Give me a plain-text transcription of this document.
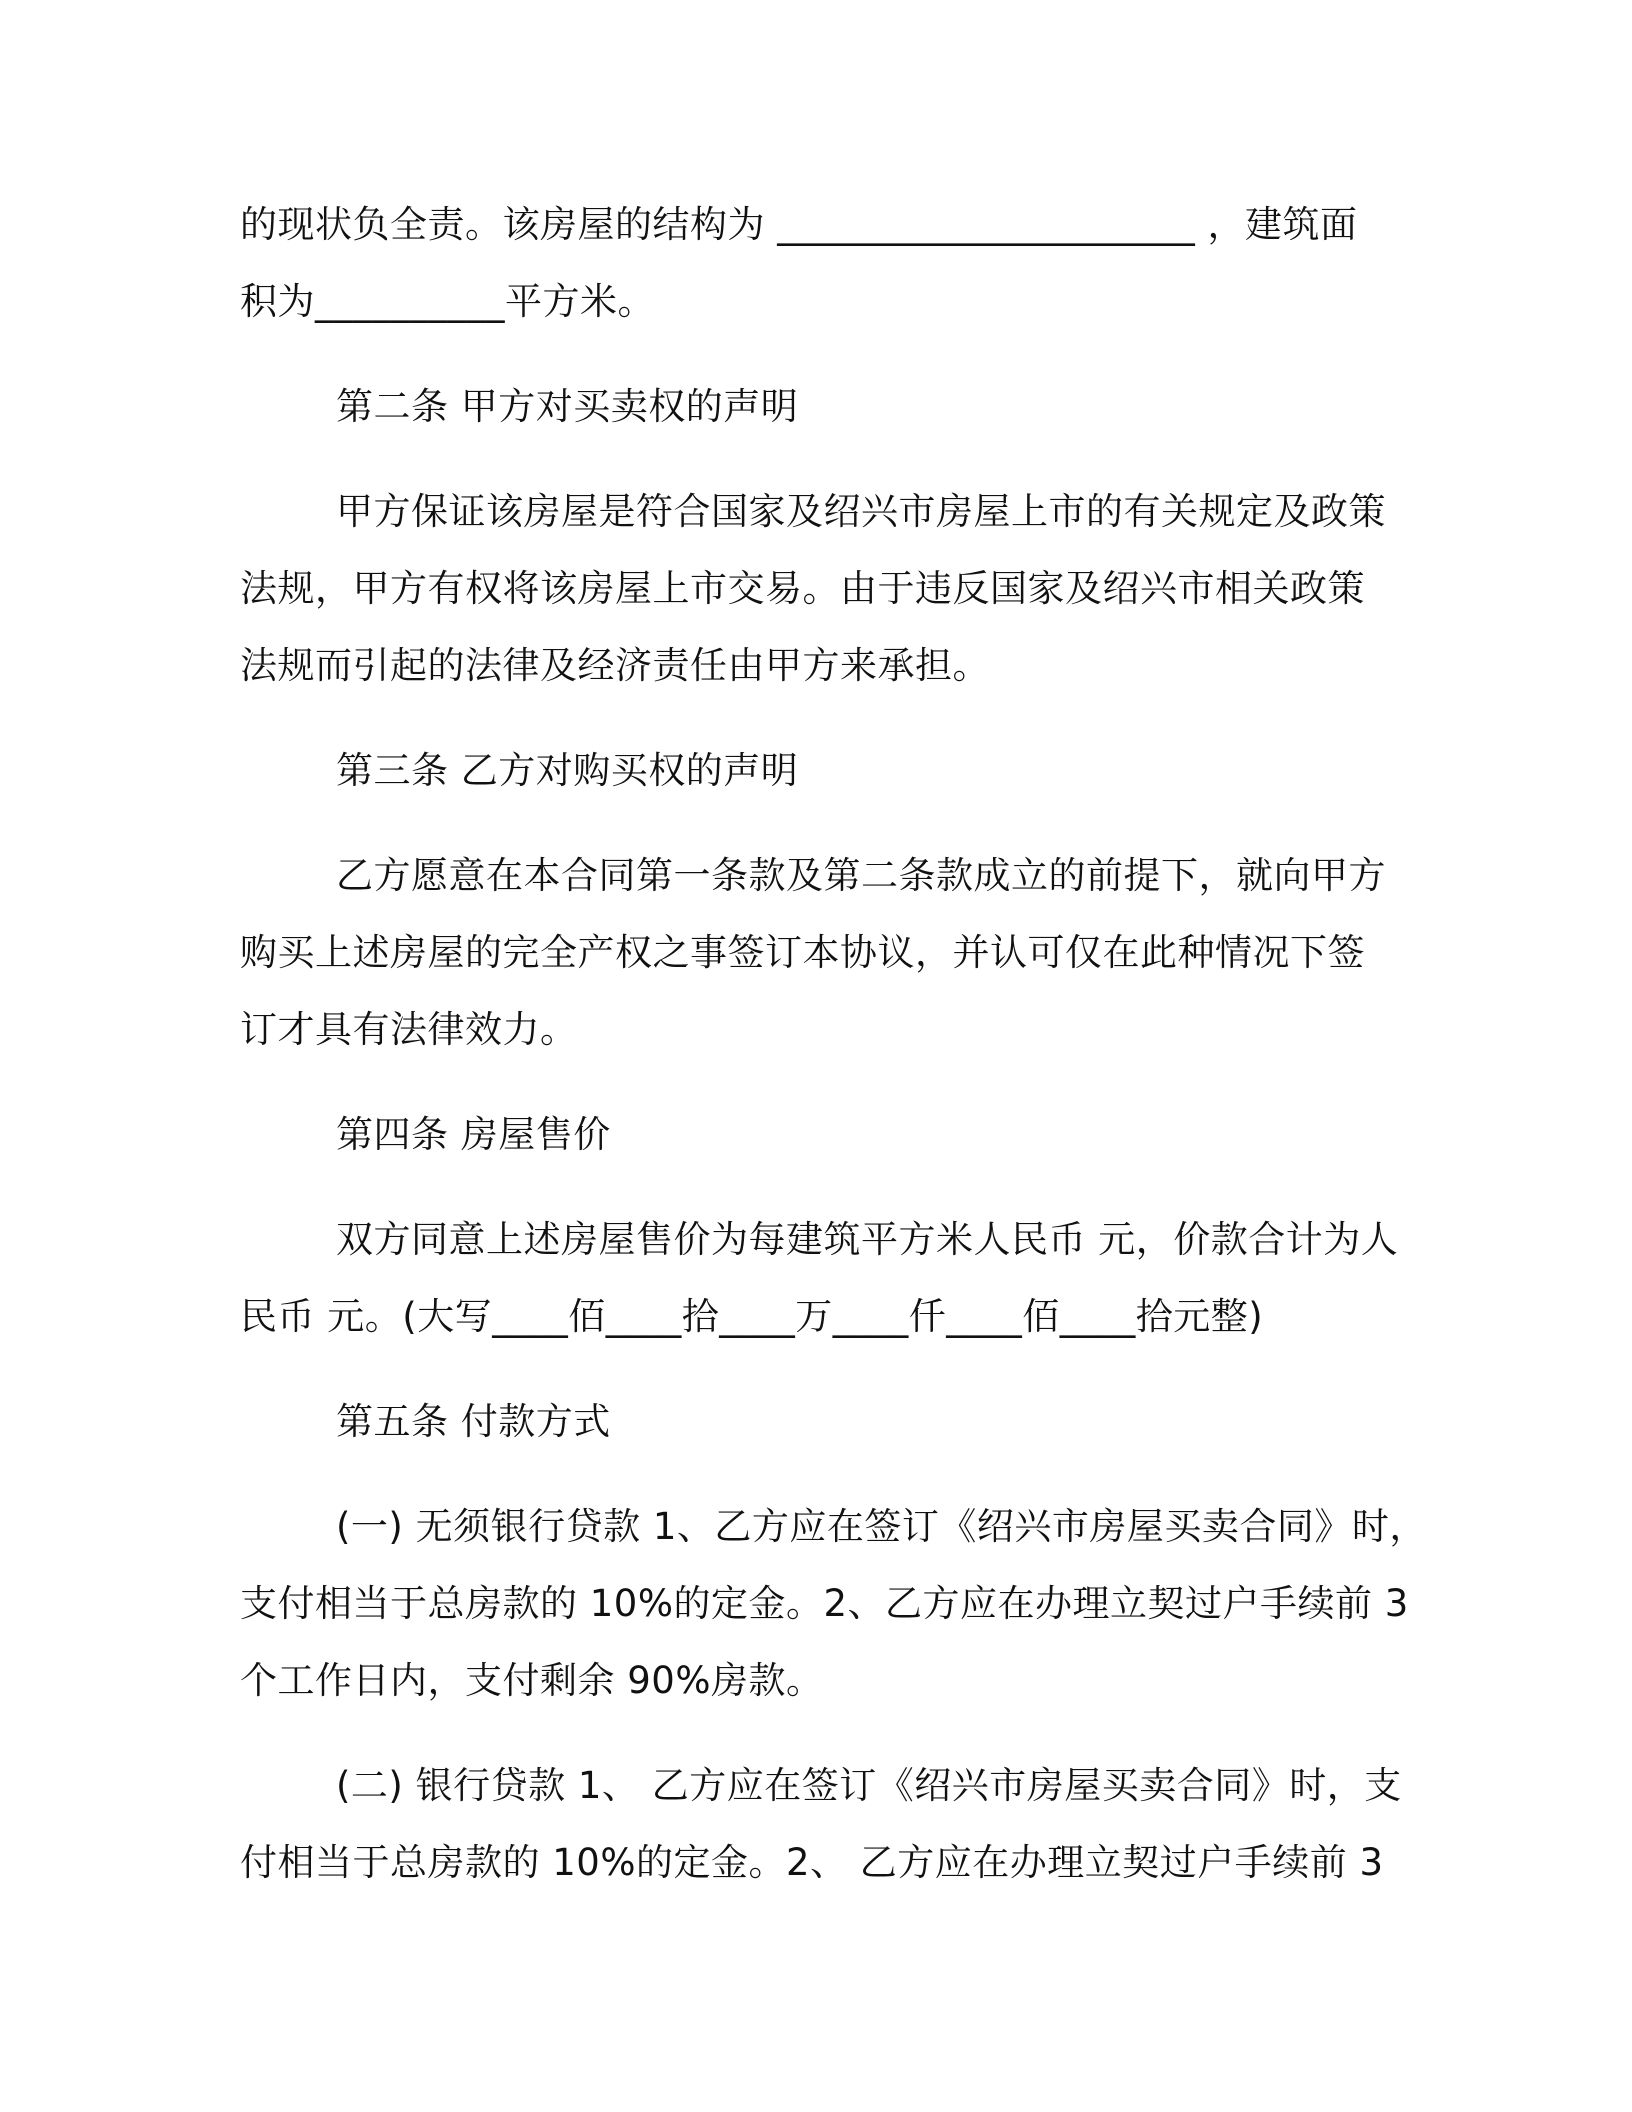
的现状负全责。该房屋的结构为 ______________________ ，建筑面
积为__________平方米。
第二条 甲方对买卖权的声明
甲方保证该房屋是符合国家及绍兴市房屋上市的有关规定及政策
法规，甲方有权将该房屋上市交易。由于违反国家及绍兴市相关政策
法规而引起的法律及经济责任由甲方来承担。
第三条 乙方对购买权的声明
乙方愿意在本合同第一条款及第二条款成立的前提下，就向甲方
购买上述房屋的完全产权之事签订本协议，并认可仅在此种情况下签
订才具有法律效力。
第四条 房屋售价
双方同意上述房屋售价为每建筑平方米人民币 元，价款合计为人
民币 元。(大写____佰____拾____万____仟____佰____拾元整)
第五条 付款方式
(一) 无须银行贷款 1、乙方应在签订《绍兴市房屋买卖合同》时，
支付相当于总房款的 10%的定金。2、乙方应在办理立契过户手续前 3
个工作日内，支付剩余 90%房款。
(二) 银行贷款 1、 乙方应在签订《绍兴市房屋买卖合同》时，支
付相当于总房款的 10%的定金。2、 乙方应在办理立契过户手续前 3
